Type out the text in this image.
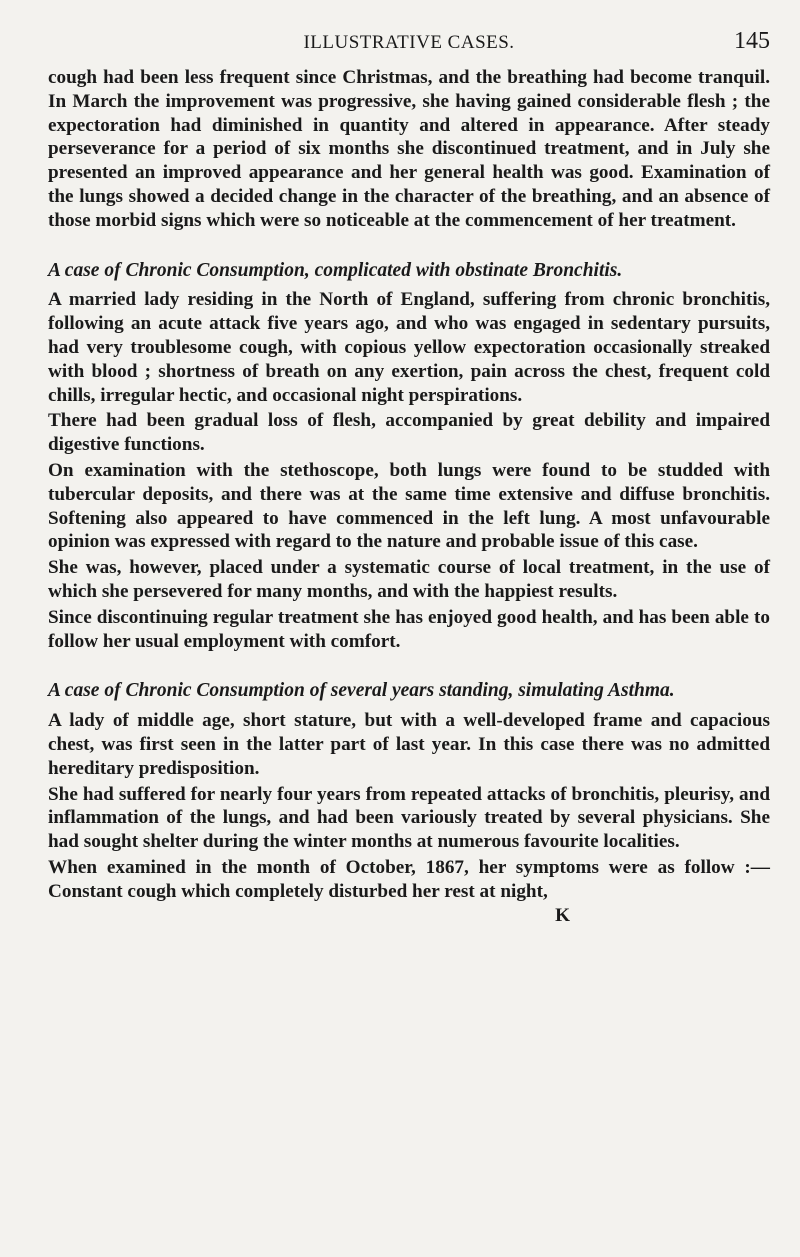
ILLUSTRATIVE CASES.	145

cough had been less frequent since Christmas, and the breathing had become tranquil. In March the improvement was progressive, she having gained considerable flesh ; the expectoration had diminished in quantity and altered in appearance. After steady perseverance for a period of six months she discontinued treatment, and in July she presented an improved appearance and her general health was good. Examination of the lungs showed a decided change in the character of the breathing, and an absence of those morbid signs which were so noticeable at the commencement of her treatment.

A case of Chronic Consumption, complicated with obstinate Bronchitis.

A married lady residing in the North of England, suffering from chronic bronchitis, following an acute attack five years ago, and who was engaged in sedentary pursuits, had very troublesome cough, with copious yellow expectoration occasionally streaked with blood ; shortness of breath on any exertion, pain across the chest, frequent cold chills, irregular hectic, and occasional night perspirations.

There had been gradual loss of flesh, accompanied by great debility and impaired digestive functions.

On examination with the stethoscope, both lungs were found to be studded with tubercular deposits, and there was at the same time extensive and diffuse bronchitis. Softening also appeared to have commenced in the left lung. A most unfavourable opinion was expressed with regard to the nature and probable issue of this case.

She was, however, placed under a systematic course of local treatment, in the use of which she persevered for many months, and with the happiest results.

Since discontinuing regular treatment she has enjoyed good health, and has been able to follow her usual employment with comfort.

A case of Chronic Consumption of several years standing, simulating Asthma.

A lady of middle age, short stature, but with a well-developed frame and capacious chest, was first seen in the latter part of last year. In this case there was no admitted hereditary predisposition.

She had suffered for nearly four years from repeated attacks of bronchitis, pleurisy, and inflammation of the lungs, and had been variously treated by several physicians. She had sought shelter during the winter months at numerous favourite localities.

When examined in the month of October, 1867, her symptoms were as follow :—Constant cough which completely disturbed her rest at night,

K
